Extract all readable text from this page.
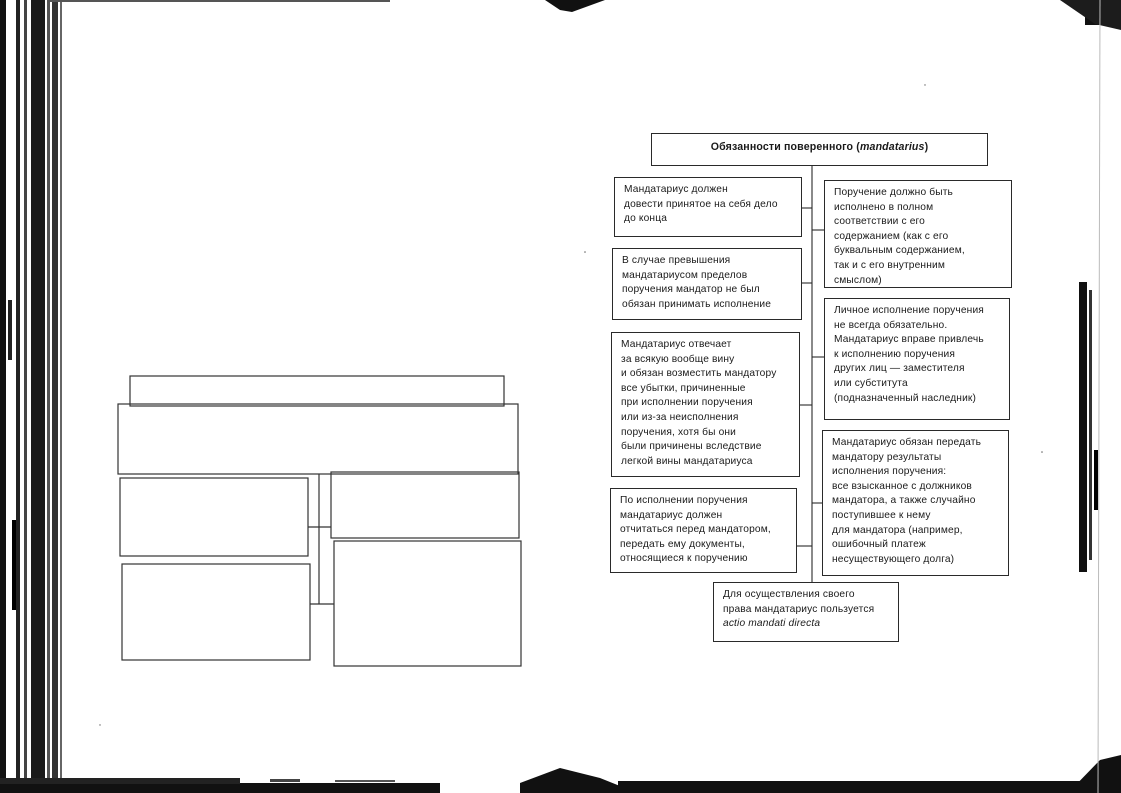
Обязанности поверенного (mandatarius)
Мандатариус должен
довести принятое на себя дело
до конца
В случае превышения
мандатариусом пределов
поручения мандатор не был
обязан принимать исполнение
Мандатариус отвечает
за всякую вообще вину
и обязан возместить мандатору
все убытки, причиненные
при исполнении поручения
или из-за неисполнения
поручения, хотя бы они
были причинены вследствие
легкой вины мандатариуса
По исполнении поручения
мандатариус должен
отчитаться перед мандатором,
передать ему документы,
относящиеся к поручению
Поручение должно быть
исполнено в полном
соответствии с его
содержанием (как с его
буквальным содержанием,
так и с его внутренним
смыслом)
Личное исполнение поручения
не всегда обязательно.
Мандатариус вправе привлечь
к исполнению поручения
других лиц — заместителя
или субститута
(подназначенный наследник)
Мандатариус обязан передать
мандатору результаты
исполнения поручения:
все взысканное с должников
мандатора, а также случайно
поступившее к нему
для мандатора (например,
ошибочный платеж
несуществующего долга)
Для осуществления своего
права мандатариус пользуется
actio mandati directa
